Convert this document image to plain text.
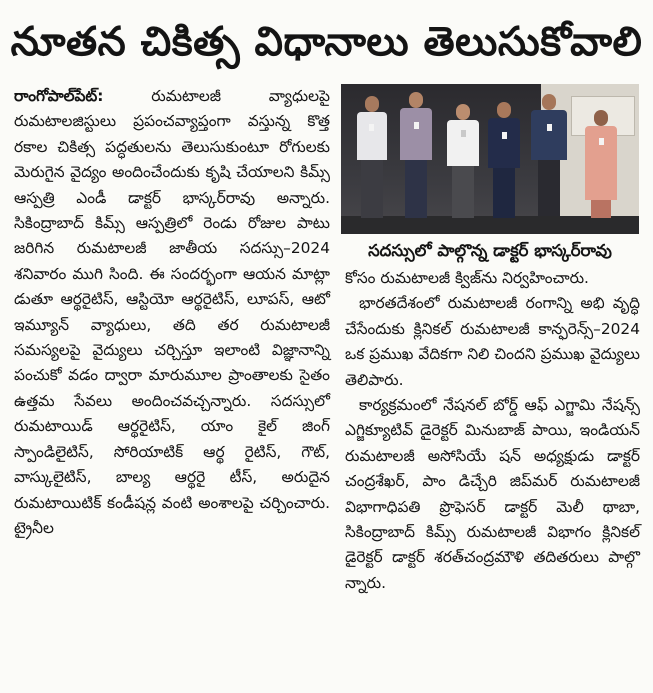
నూతన చికిత్స విధానాలు తెలుసుకోవాలి

రాంగోపాల్‌పేట్‌:	రుమటాలజీ వ్యాధులపై రుమటాలజిస్టులు ప్రపంచవ్యాప్తంగా వస్తున్న కొత్త రకాల చికిత్స పద్ధతులను తెలుసుకుంటూ రోగులకు మెరుగైన వైద్యం అందించేందుకు కృషి చేయాలని కిమ్స్‌ ఆస్పత్రి ఎండీ డాక్టర్‌ భాస్కర్‌రావు అన్నారు. సికింద్రాబాద్‌ కిమ్స్‌ ఆస్పత్రిలో రెండు రోజుల పాటు జరిగిన రుమటాలజీ జాతీయ సదస్సు–2024 శనివారం ముగి సింది. ఈ సందర్భంగా ఆయన మాట్లా డుతూ ఆర్థరైటిస్‌, ఆస్టియో ఆర్థరైటిస్‌, లూపస్‌, ఆటో ఇమ్యూన్‌ వ్యాధులు, తది తర రుమటాలజీ సమస్యలపై వైద్యులు చర్చిస్తూ ఇలాంటి విజ్ఞానాన్ని పంచుకో వడం ద్వారా మారుమూల ప్రాంతాలకు సైతం ఉత్తమ సేవలు అందించవచ్చన్నారు. సదస్సులో రుమటాయిడ్‌ ఆర్థరైటిస్‌, యాం కైల్‌ జింగ్‌ స్పాండిలైటిస్‌, సోరియాటిక్‌ ఆర్థ రైటిస్‌, గౌట్‌, వాస్కులైటిస్‌, బాల్య ఆర్థరై టీస్‌, అరుదైన రుమటాయిటిక్‌ కండీషన్ల వంటి అంశాలపై చర్చించారు. ట్రైనీల

సదస్సులో పాల్గొన్న డాక్టర్‌ భాస్కర్‌రావు

కోసం రుమటాలజీ క్విజ్‌ను నిర్వహించారు.

భారతదేశంలో రుమటాలజీ రంగాన్ని అభి వృద్ధి చేసేందుకు క్లినికల్‌ రుమటాలజీ కాన్ఫరెన్స్‌–2024 ఒక ప్రముఖ వేదికగా నిలి చిందని ప్రముఖ వైద్యులు తెలిపారు.

కార్యక్రమంలో నేషనల్‌ బోర్డ్‌ ఆఫ్‌ ఎగ్జామి నేషన్స్‌ ఎగ్జిక్యూటివ్‌ డైరెక్టర్‌ మినుబాజ్‌ పాయి, ఇండియన్‌ రుమటాలజీ అసోసియే షన్‌ అధ్యక్షుడు డాక్టర్‌ చంద్రశేఖర్‌, పాం డిచ్చేరి జిప్‌మర్‌ రుమటాలజీ విభాగాధిపతి ప్రొఫెసర్‌ డాక్టర్‌ మెలీ థాబా, సికింద్రాబాద్‌ కిమ్స్‌ రుమటాలజీ విభాగం క్లినికల్‌ డైరెక్టర్‌ డాక్టర్‌ శరత్‌చంద్రమౌళి తదితరులు పాల్గొ న్నారు.
